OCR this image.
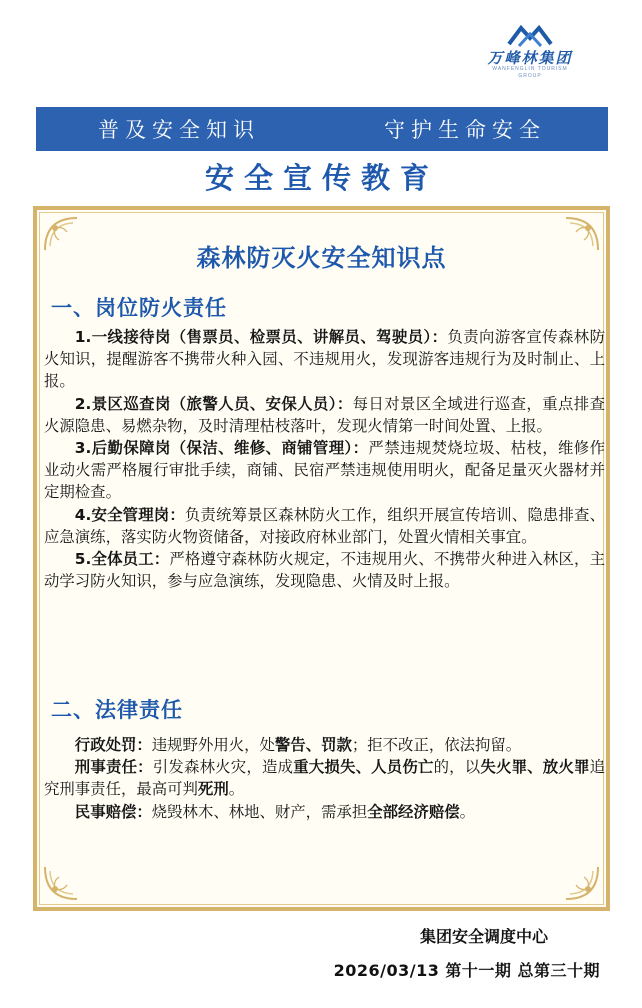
万峰林集团
WANFENGLIN TOURISM GROUP
普及安全知识	守护生命安全
安全宣传教育
森林防灭火安全知识点
一、岗位防火责任

1.一线接待岗（售票员、检票员、讲解员、驾驶员）：负责向游客宣传森林防火知识，提醒游客不携带火种入园、不违规用火，发现游客违规行为及时制止、上报。

2.景区巡查岗（旅警人员、安保人员）：每日对景区全域进行巡查，重点排查火源隐患、易燃杂物，及时清理枯枝落叶，发现火情第一时间处置、上报。

3.后勤保障岗（保洁、维修、商铺管理）：严禁违规焚烧垃圾、枯枝，维修作业动火需严格履行审批手续，商铺、民宿严禁违规使用明火，配备足量灭火器材并定期检查。

4.安全管理岗：负责统筹景区森林防火工作，组织开展宣传培训、隐患排查、应急演练，落实防火物资储备，对接政府林业部门，处置火情相关事宜。

5.全体员工：严格遵守森林防火规定，不违规用火、不携带火种进入林区，主动学习防火知识，参与应急演练，发现隐患、火情及时上报。

二、法律责任

行政处罚：违规野外用火，处警告、罚款；拒不改正，依法拘留。

刑事责任：引发森林火灾，造成重大损失、人员伤亡的，以失火罪、放火罪追究刑事责任，最高可判死刑。

民事赔偿：烧毁林木、林地、财产，需承担全部经济赔偿。

集团安全调度中心
2026/03/13 第十一期 总第三十期
